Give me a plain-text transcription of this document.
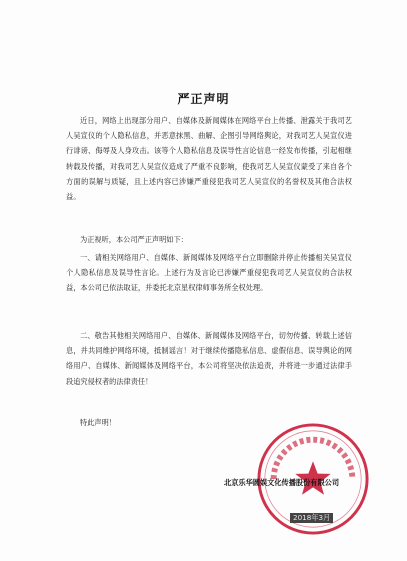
严正声明

近日，网络上出现部分用户、自媒体及新闻媒体在网络平台上传播、泄露关于我司艺人吴宣仪的个人隐私信息，并恶意抹黑、曲解、企图引导网络舆论，对我司艺人吴宣仪进行诽谤、侮辱及人身攻击。该等个人隐私信息及误导性言论信息一经发布传播，引起相继转载及传播，对我司艺人吴宣仪造成了严重不良影响，使我司艺人吴宣仪蒙受了来自各个方面的误解与质疑，且上述内容已涉嫌严重侵犯我司艺人吴宣仪的名誉权及其他合法权益。

为正视听，本公司严正声明如下：

一、请相关网络用户、自媒体、新闻媒体及网络平台立即删除并停止传播相关吴宣仪个人隐私信息及误导性言论。上述行为及言论已涉嫌严重侵犯我司艺人吴宣仪的合法权益，本公司已依法取证，并委托北京星权律师事务所全权处理。

二、敬告其他相关网络用户、自媒体、新闻媒体及网络平台，切勿传播、转载上述信息，并共同维护网络环境，抵制谣言！对于继续传播隐私信息、虚假信息、误导舆论的网络用户、自媒体、新闻媒体及网络平台，本公司将坚决依法追责，并将进一步通过法律手段追究侵权者的法律责任！

特此声明！
北京乐华圆娱文化传播股份有限公司
2018年3月
